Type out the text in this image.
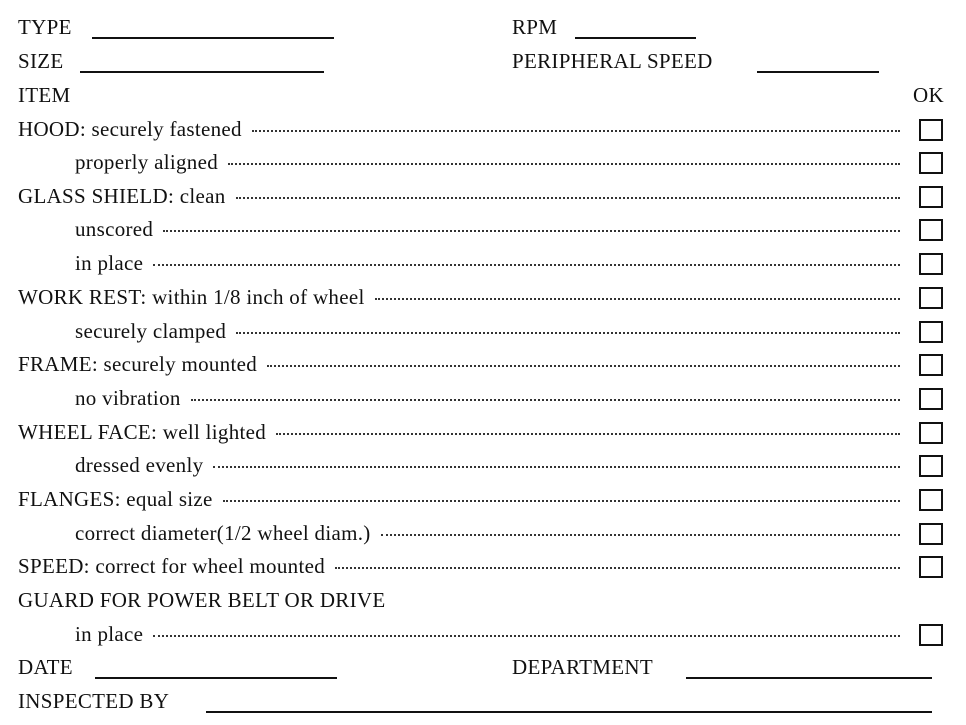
TYPE	RPM
SIZE	PERIPHERAL SPEED
ITEM	OK
HOOD: securely fastened
properly aligned
GLASS SHIELD: clean
unscored
in place
WORK REST: within 1/8 inch of wheel
securely clamped
FRAME: securely mounted
no vibration
WHEEL FACE: well lighted
dressed evenly
FLANGES: equal size
correct diameter(1/2 wheel diam.)
SPEED: correct for wheel mounted
GUARD FOR POWER BELT OR DRIVE
in place
DATE	DEPARTMENT
INSPECTED BY
